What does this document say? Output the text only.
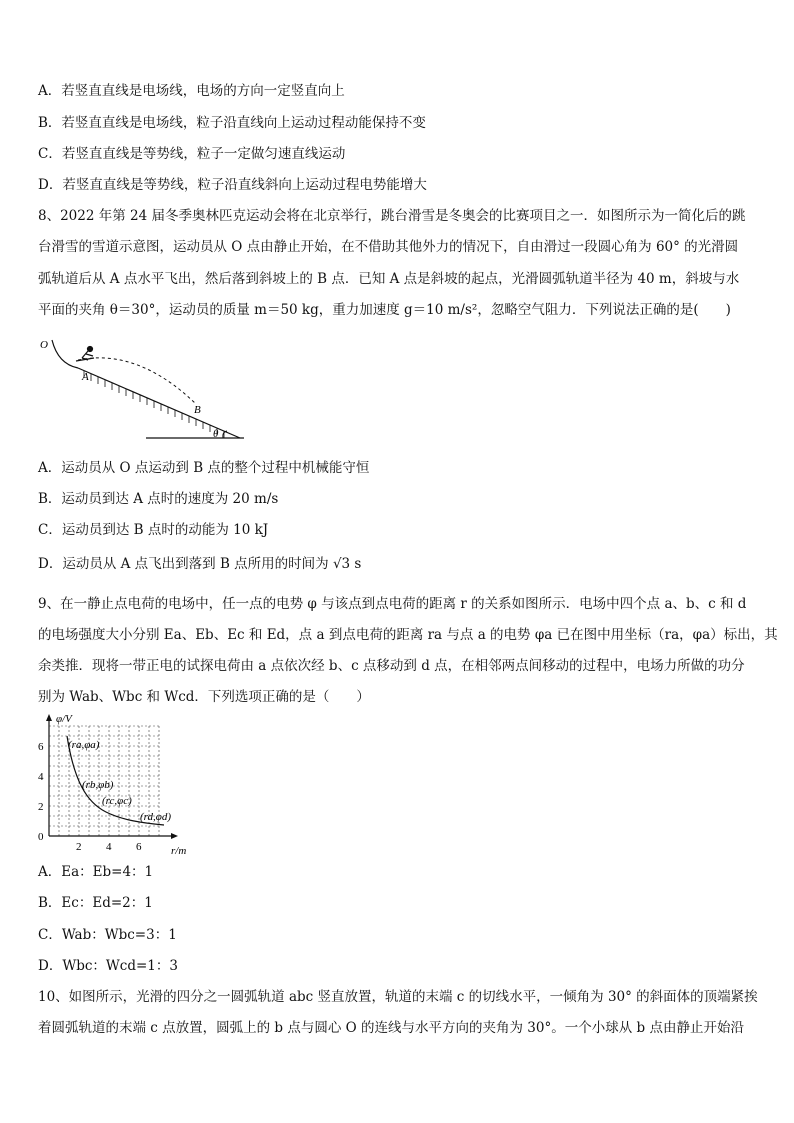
A．若竖直直线是电场线，电场的方向一定竖直向上
B．若竖直直线是电场线，粒子沿直线向上运动过程动能保持不变
C．若竖直直线是等势线，粒子一定做匀速直线运动
D．若竖直直线是等势线，粒子沿直线斜向上运动过程电势能增大
8、2022 年第 24 届冬季奥林匹克运动会将在北京举行，跳台滑雪是冬奥会的比赛项目之一．如图所示为一简化后的跳
台滑雪的雪道示意图，运动员从 O 点由静止开始，在不借助其他外力的情况下，自由滑过一段圆心角为 60° 的光滑圆
弧轨道后从 A 点水平飞出，然后落到斜坡上的 B 点．已知 A 点是斜坡的起点，光滑圆弧轨道半径为 40 m，斜坡与水
平面的夹角 θ＝30°，运动员的质量 m＝50 kg，重力加速度 g＝10 m/s²，忽略空气阻力．下列说法正确的是(　　)
O
A
B
θ
A．运动员从 O 点运动到 B 点的整个过程中机械能守恒
B．运动员到达 A 点时的速度为 20 m/s
C．运动员到达 B 点时的动能为 10 kJ
D．运动员从 A 点飞出到落到 B 点所用的时间为 √3 s
9、在一静止点电荷的电场中，任一点的电势 φ 与该点到点电荷的距离 r 的关系如图所示．电场中四个点 a、b、c 和 d
的电场强度大小分别 Ea、Eb、Ec 和 Ed，点 a 到点电荷的距离 ra 与点 a 的电势 φa 已在图中用坐标（ra，φa）标出，其
余类推．现将一带正电的试探电荷由 a 点依次经 b、c 点移动到 d 点，在相邻两点间移动的过程中，电场力所做的功分
别为 Wab、Wbc 和 Wcd．下列选项正确的是（　　）
φ/V
r/m
6
4
2
0
2 4 6
(ra,φa)
(rb,φb)
(rc,φc)
(rd,φd)
A．Ea：Eb=4：1
B．Ec：Ed=2：1
C．Wab：Wbc=3：1
D．Wbc：Wcd=1：3
10、如图所示，光滑的四分之一圆弧轨道 abc 竖直放置，轨道的末端 c 的切线水平，一倾角为 30° 的斜面体的顶端紧挨
着圆弧轨道的末端 c 点放置，圆弧上的 b 点与圆心 O 的连线与水平方向的夹角为 30°。一个小球从 b 点由静止开始沿
